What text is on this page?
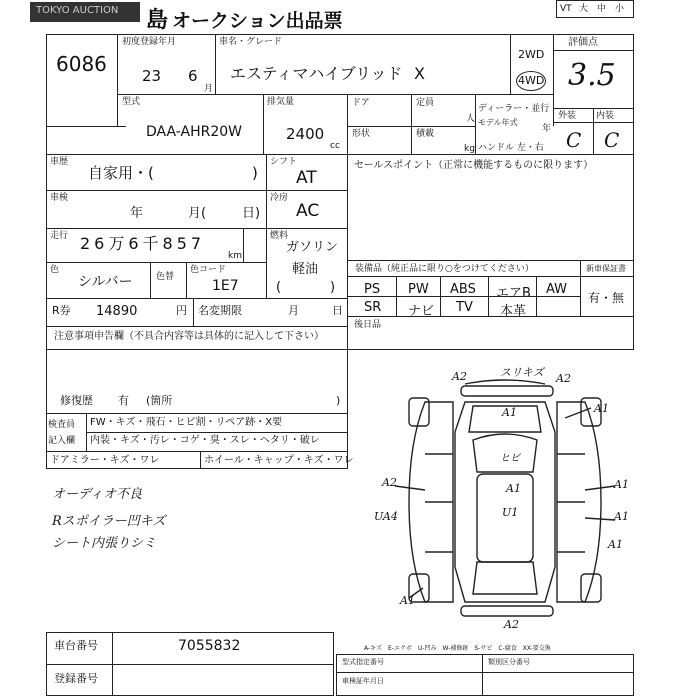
TOKYO AUCTION 島 オークション出品票
VT 大 中 小
6086
初度登録年月
23 6
月
車名・グレード
エスティマハイブリッド X
2WD
4WD
評価点
3.5
型式
DAA-AHR20W
排気量
2400
cc
ドア	定員
人
形状	積載
kg
ディーラー・並行
モデル年式
年
ハンドル 左・右
外装 内装
C C
車歴
自家用・(	)
シフト
AT
セールスポイント（正常に機能するものに限ります）
車検
年	月(	日)
冷房
AC
走行 26万6千857
km
燃料
ガソリン
軽油
(	)
色
シルバー	色替
色コード
1E7
R券 14890	円 名変期限	月	日
装備品（純正品に限り○をつけてください）	新車保証書
有・無
PS PW ABS エアB AW
SR ナビ TV 本革
後日品
注意事項申告欄（不具合内容等は具体的に記入して下さい）
修復歴 有 (箇所	)
検査員
記入欄
FW・キズ・飛石・ヒビ割・リペア跡・X要
内装・キズ・汚レ・コゲ・臭・スレ・ヘタリ・破レ
ドアミラー・キズ・ワレ	ホイール・キャップ・キズ・ワレ
オーディオ不良
Rスポイラー凹キズ
シート内張りシミ
A2	スリキズ A2
A1	A1
A1
ヒビ
A1
A2
A1
UA4	U1
A1
A1
A2
車台番号	7055832
登録番号
A-キズ　E-エクボ　U-凹み　W-補修跡　S-サビ　C-腐食　XX-要交換
型式指定番号	類別区分番号
車検証年月日
